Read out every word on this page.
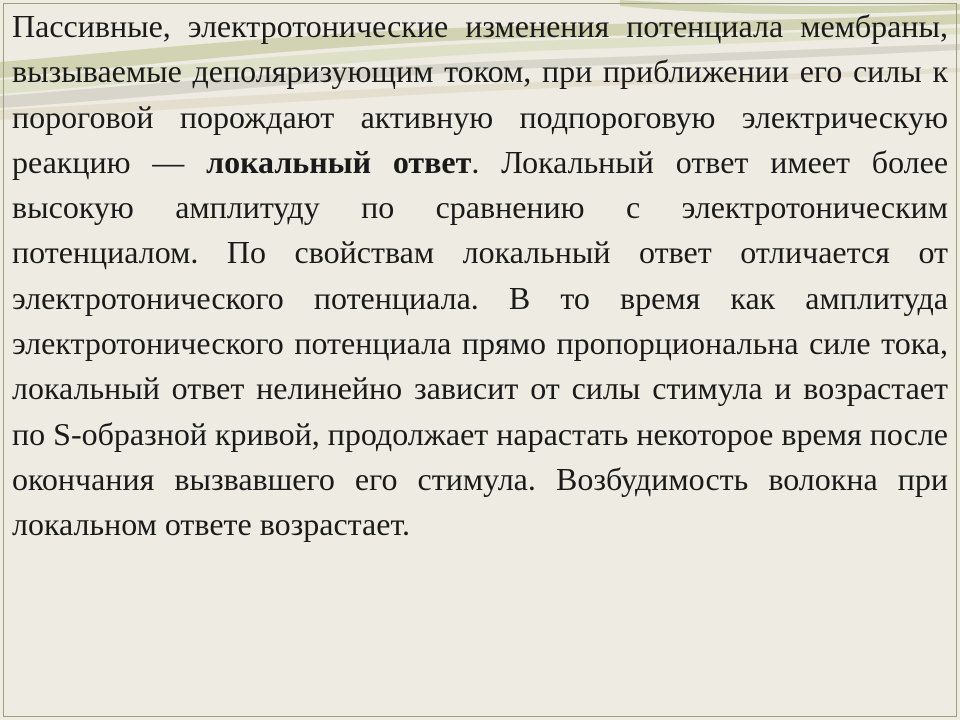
Пассивные, электротонические изменения потенциала мембраны, вызываемые деполяризующим током, при приближении его силы к пороговой порождают активную подпороговую электрическую реакцию — локальный ответ. Локальный ответ имеет более высокую амплитуду по сравнению с электротоническим потенциалом. По свойствам локальный ответ отличается от электротонического потенциала. В то время как амплитуда электротонического потенциала прямо пропорциональна силе тока, локальный ответ нелинейно зависит от силы стимула и возрастает по S-образной кривой, продолжает нарастать некоторое время после окончания вызвавшего его стимула. Возбудимость волокна при локальном ответе возрастает.
